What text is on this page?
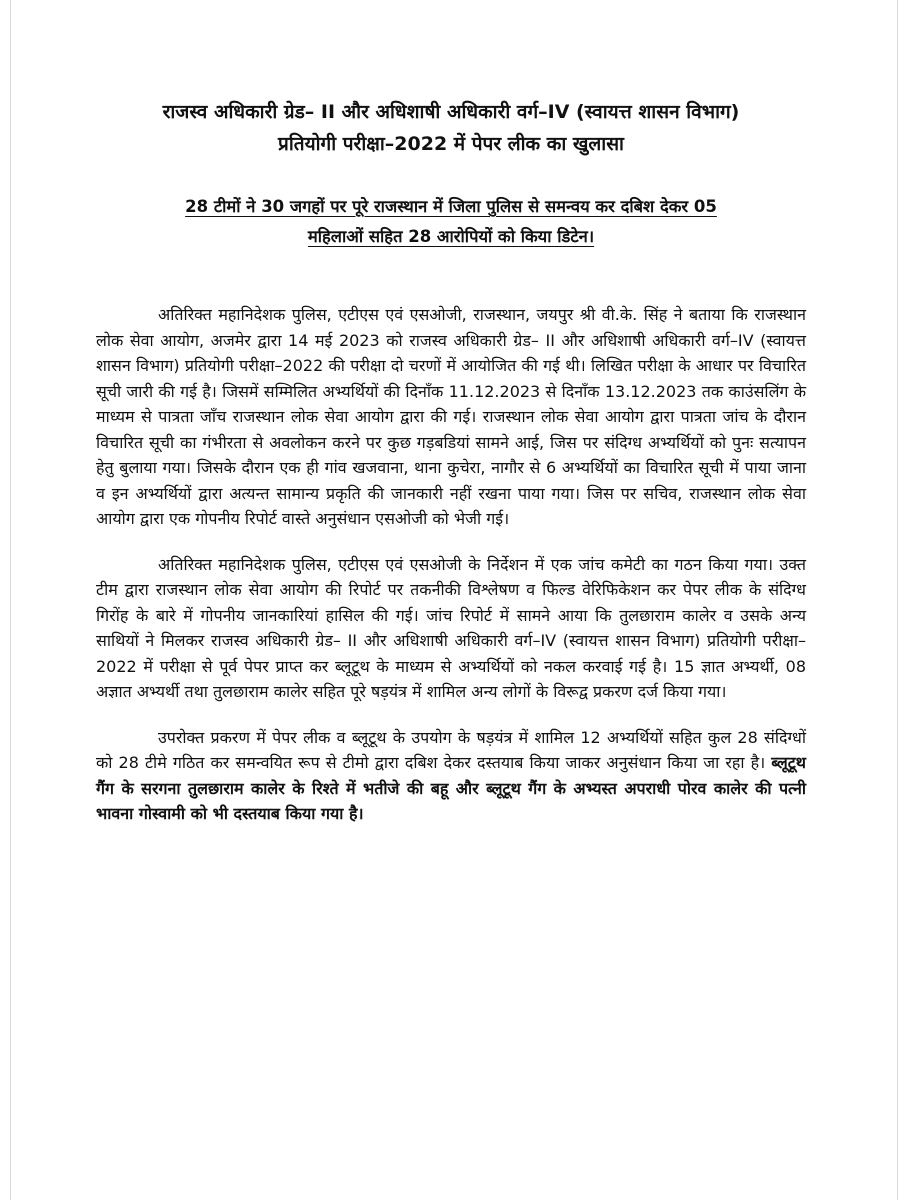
राजस्व अधिकारी ग्रेड– II और अधिशाषी अधिकारी वर्ग–IV (स्वायत्त शासन विभाग)
प्रतियोगी परीक्षा–2022 में पेपर लीक का खुलासा
28 टीमों ने 30 जगहों पर पूरे राजस्थान में जिला पुलिस से समन्वय कर दबिश देकर 05
महिलाओं सहित 28 आरोपियों को किया डिटेन।

अतिरिक्त महानिदेशक पुलिस, एटीएस एवं एसओजी, राजस्थान, जयपुर श्री वी.के. सिंह ने बताया कि राजस्थान लोक सेवा आयोग, अजमेर द्वारा 14 मई 2023 को राजस्व अधिकारी ग्रेड– II और अधिशाषी अधिकारी वर्ग–IV (स्वायत्त शासन विभाग) प्रतियोगी परीक्षा–2022 की परीक्षा दो चरणों में आयोजित की गई थी। लिखित परीक्षा के आधार पर विचारित सूची जारी की गई है। जिसमें सम्मिलित अभ्यर्थियों की दिनाँक 11.12.2023 से दिनाँक 13.12.2023 तक काउंसलिंग के माध्यम से पात्रता जाँच राजस्थान लोक सेवा आयोग द्वारा की गई। राजस्थान लोक सेवा आयोग द्वारा पात्रता जांच के दौरान विचारित सूची का गंभीरता से अवलोकन करने पर कुछ गड़बडियां सामने आई, जिस पर संदिग्ध अभ्यर्थियों को पुनः सत्यापन हेतु बुलाया गया। जिसके दौरान एक ही गांव खजवाना, थाना कुचेरा, नागौर से 6 अभ्यर्थियों का विचारित सूची में पाया जाना व इन अभ्यर्थियों द्वारा अत्यन्त सामान्य प्रकृति की जानकारी नहीं रखना पाया गया। जिस पर सचिव, राजस्थान लोक सेवा आयोग द्वारा एक गोपनीय रिपोर्ट वास्ते अनुसंधान एसओजी को भेजी गई।

अतिरिक्त महानिदेशक पुलिस, एटीएस एवं एसओजी के निर्देशन में एक जांच कमेटी का गठन किया गया। उक्त टीम द्वारा राजस्थान लोक सेवा आयोग की रिपोर्ट पर तकनीकी विश्लेषण व फिल्ड वेरिफिकेशन कर पेपर लीक के संदिग्ध गिरोंह के बारे में गोपनीय जानकारियां हासिल की गई। जांच रिपोर्ट में सामने आया कि तुलछाराम कालेर व उसके अन्य साथियों ने मिलकर राजस्व अधिकारी ग्रेड– II और अधिशाषी अधिकारी वर्ग–IV (स्वायत्त शासन विभाग) प्रतियोगी परीक्षा–2022 में परीक्षा से पूर्व पेपर प्राप्त कर ब्लूटूथ के माध्यम से अभ्यर्थियों को नकल करवाई गई है। 15 ज्ञात अभ्यर्थी, 08 अज्ञात अभ्यर्थी तथा तुलछाराम कालेर सहित पूरे षड़यंत्र में शामिल अन्य लोगों के विरूद्व प्रकरण दर्ज किया गया।

उपरोक्त प्रकरण में पेपर लीक व ब्लूटूथ के उपयोग के षड़यंत्र में शामिल 12 अभ्यर्थियों सहित कुल 28 संदिग्धों को 28 टीमे गठित कर समन्वयित रूप से टीमो द्वारा दबिश देकर दस्तयाब किया जाकर अनुसंधान किया जा रहा है। ब्लूटूथ गैंग के सरगना तुलछाराम कालेर के रिश्ते में भतीजे की बहू और ब्लूटूथ गैंग के अभ्यस्त अपराधी पोरव कालेर की पत्नी भावना गोस्वामी को भी दस्तयाब किया गया है।
